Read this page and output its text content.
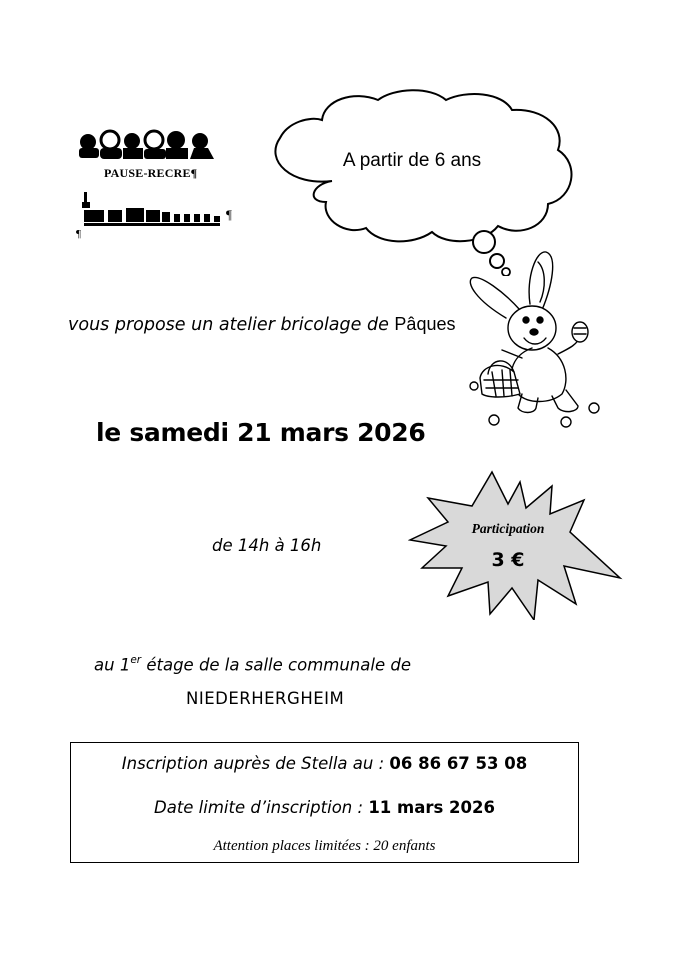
PAUSE-RECRE¶
¶
¶
A partir de 6 ans
vous propose un atelier bricolage de Pâques
le samedi 21 mars 2026
de 14h à 16h
Participation
3 €
au 1er étage de la salle communale de
NIEDERHERGHEIM
Inscription auprès de Stella au : 06 86 67 53 08
Date limite d’inscription : 11 mars 2026
Attention places limitées : 20 enfants
